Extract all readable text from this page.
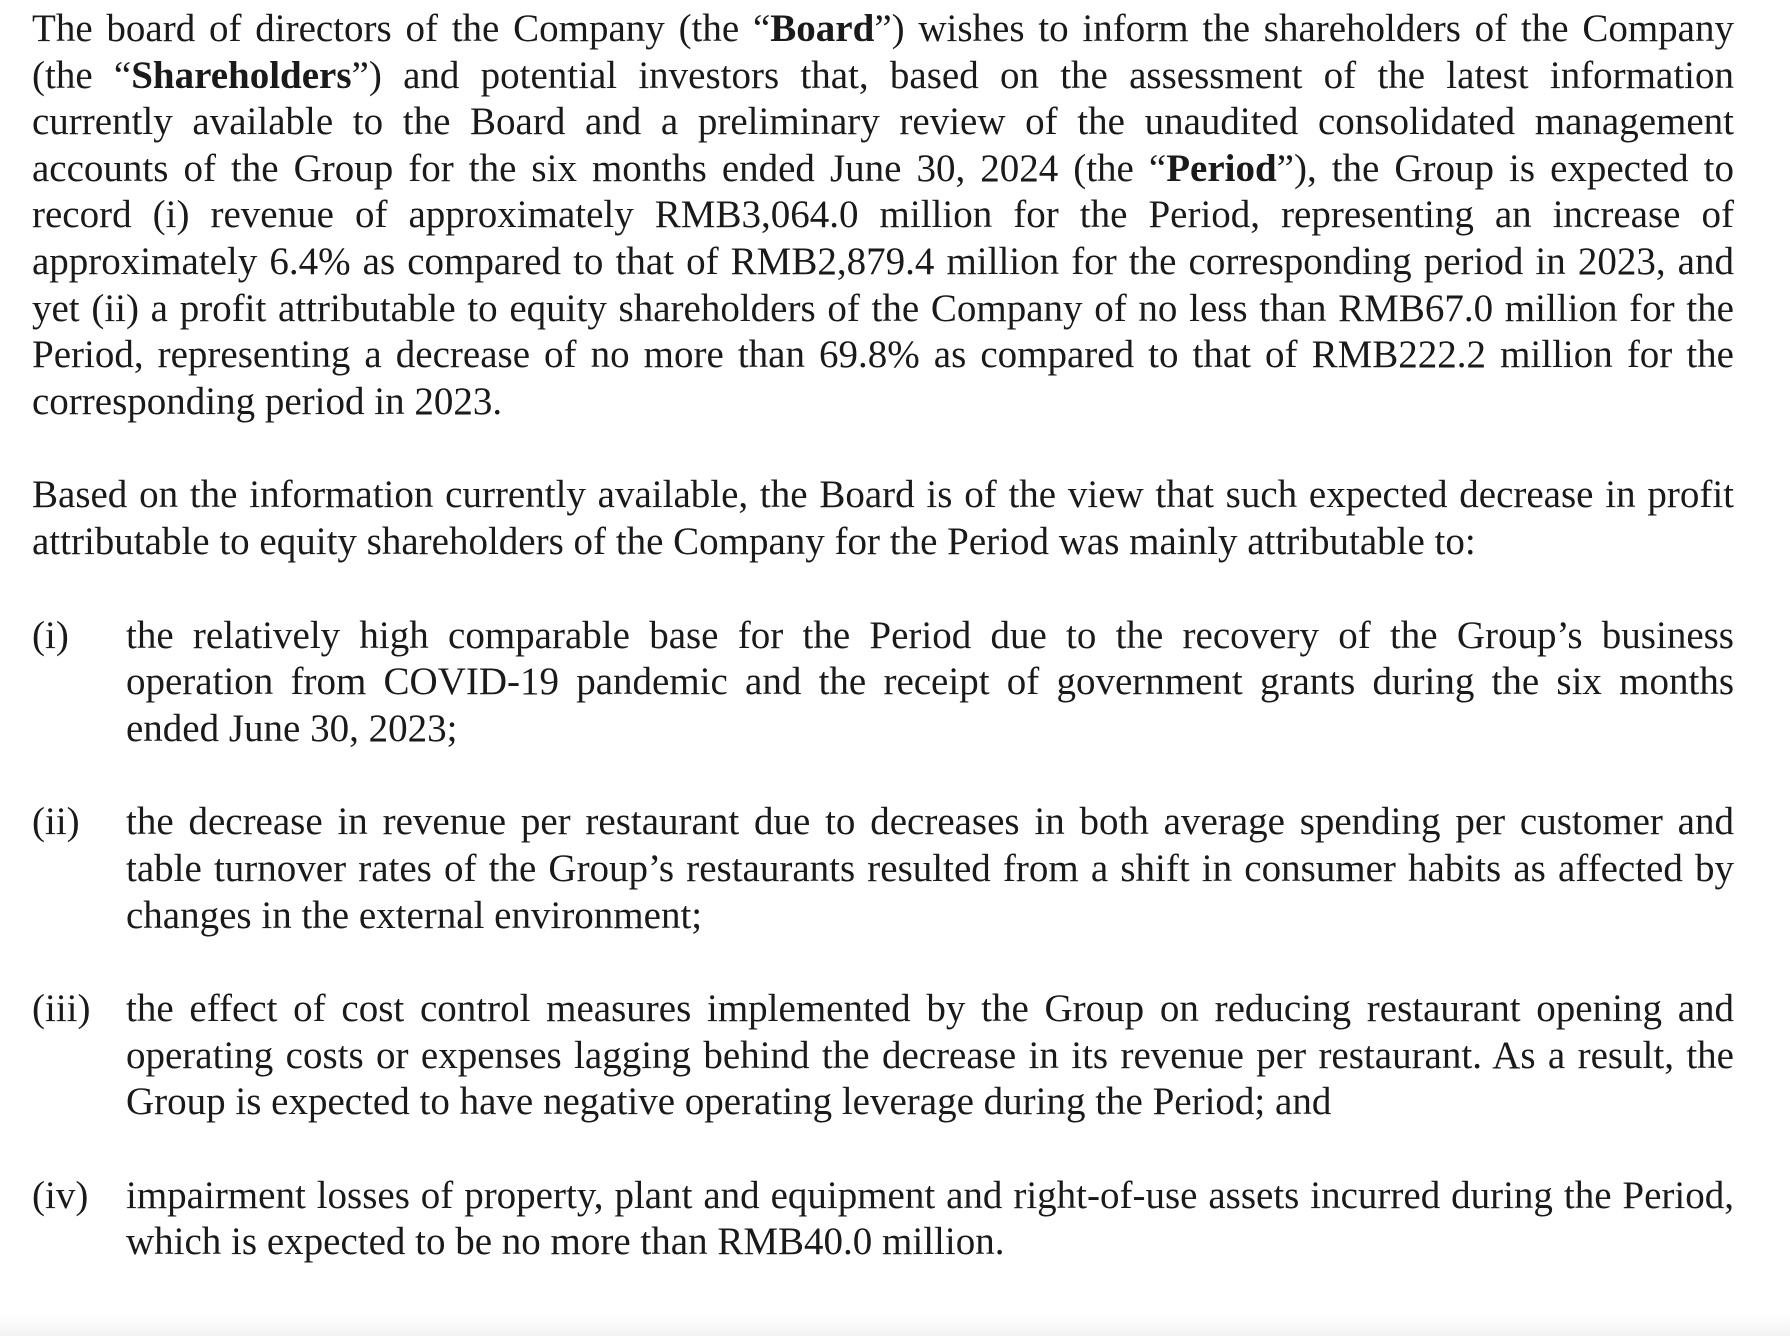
The board of directors of the Company (the “Board”) wishes to inform the shareholders of the Company (the “Shareholders”) and potential investors that, based on the assessment of the latest information currently available to the Board and a preliminary review of the unaudited consolidated management accounts of the Group for the six months ended June 30, 2024 (the “Period”), the Group is expected to record (i) revenue of approximately RMB3,064.0 million for the Period, representing an increase of approximately 6.4% as compared to that of RMB2,879.4 million for the corresponding period in 2023, and yet (ii) a profit attributable to equity shareholders of the Company of no less than RMB67.0 million for the Period, representing a decrease of no more than 69.8% as compared to that of RMB222.2 million for the corresponding period in 2023.

Based on the information currently available, the Board is of the view that such expected decrease in profit attributable to equity shareholders of the Company for the Period was mainly attributable to:

(i)	the relatively high comparable base for the Period due to the recovery of the Group’s business operation from COVID-19 pandemic and the receipt of government grants during the six months ended June 30, 2023;
(ii)	the decrease in revenue per restaurant due to decreases in both average spending per customer and table turnover rates of the Group’s restaurants resulted from a shift in consumer habits as affected by changes in the external environment;
(iii) the effect of cost control measures implemented by the Group on reducing restaurant opening and operating costs or expenses lagging behind the decrease in its revenue per restaurant. As a result, the Group is expected to have negative operating leverage during the Period; and
(iv) impairment losses of property, plant and equipment and right-of-use assets incurred during the Period, which is expected to be no more than RMB40.0 million.
